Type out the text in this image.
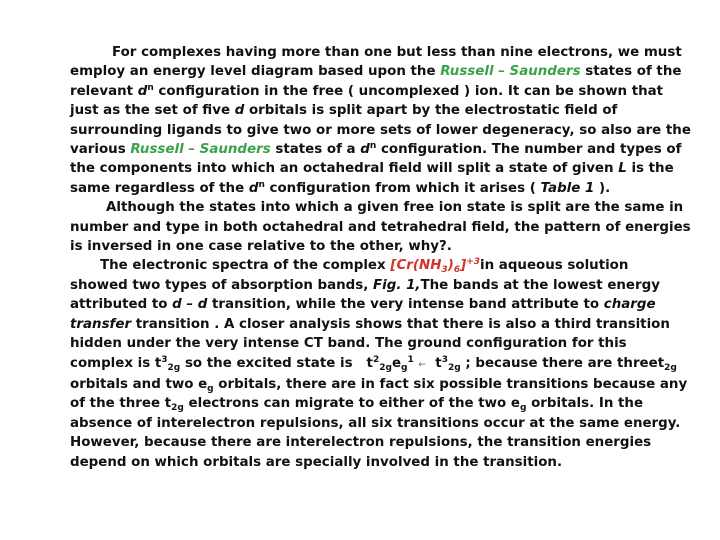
For complexes having more than one but less than nine electrons, we must
employ an energy level diagram based upon the Russell – Saunders states of the
relevant $d^n$ configuration in the free ( uncomplexed ) ion. It can be shown that
just as the set of five d orbitals is split apart by the electrostatic field of
surrounding ligands to give two or more sets of lower degeneracy, so also are the
various Russell – Saunders states of a $d^n$ configuration. The number and types of
the components into which an octahedral field will split a state of given L is the
same regardless of the $d^n$ configuration from which it arises ( Table 1 ).
Although the states into which a given free ion state is split are the same in
number and type in both octahedral and tetrahedral field, the pattern of energies
is inversed in one case relative to the other, why?.
The electronic spectra of the complex $[Cr(NH_3)_6]^{+3}in$ aqueous solution
showed two types of absorption bands, Fig. 1,The bands at the lowest energy
attributed to d – d transition, while the very intense band attribute to charge
transfer transition . A closer analysis shows that there is also a third transition
hidden under the very intense CT band. The ground configuration for this
complex is $t^3_{2g}$ so the excited state is $t^2_{2g}e_g^1$ ← $t^3_{2g}$ ; because there are threet$_{2g}$
orbitals and two $e_g$ orbitals, there are in fact six possible transitions because any
of the three $t_{2g}$ electrons can migrate to either of the two $e_g$ orbitals. In the
absence of interelectron repulsions, all six transitions occur at the same energy.
However, because there are interelectron repulsions, the transition energies
depend on which orbitals are specially involved in the transition.
